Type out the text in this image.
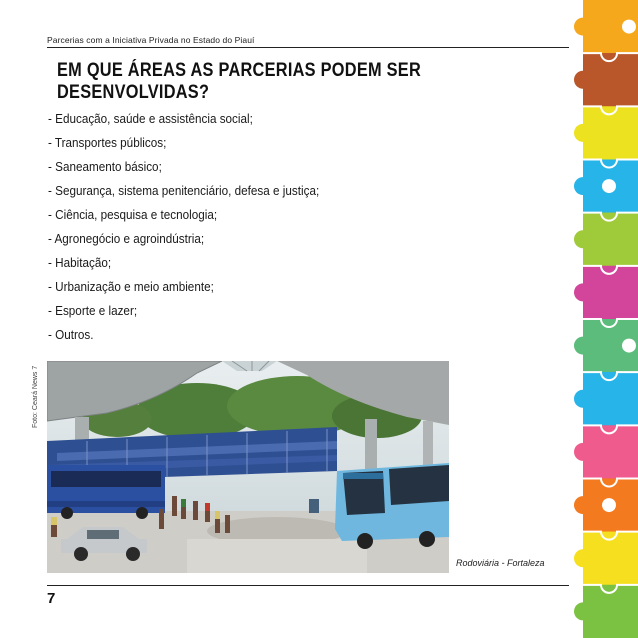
Parcerias com a Iniciativa Privada no Estado do Piauí
EM QUE ÁREAS AS PARCERIAS PODEM SER DESENVOLVIDAS?
- Educação, saúde e assistência social;
- Transportes públicos;
- Saneamento básico;
- Segurança, sistema penitenciário, defesa e justiça;
- Ciência, pesquisa e tecnologia;
- Agronegócio e agroindústria;
- Habitação;
- Urbanização e meio ambiente;
- Esporte e lazer;
- Outros.
Foto: Ceará News 7
Rodoviária - Fortaleza
7
